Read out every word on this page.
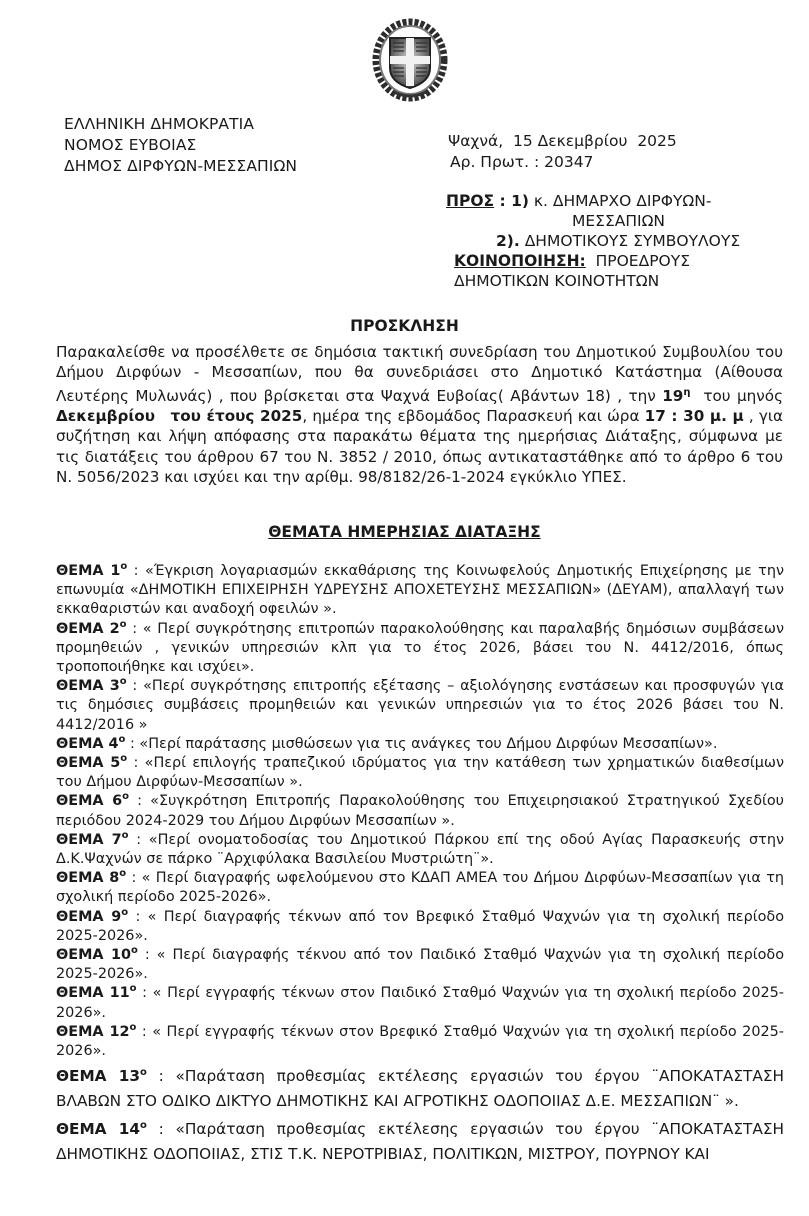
ΕΛΛΗΝΙΚΗ ΔΗΜΟΚΡΑΤΙΑ
ΝΟΜΟΣ ΕΥΒΟΙΑΣ
ΔΗΜΟΣ ΔΙΡΦΥΩΝ-ΜΕΣΣΑΠΙΩΝ
Ψαχνά,  15 Δεκεμβρίου  2025
Αρ. Πρωτ. : 20347
ΠΡΟΣ : 1) κ. ΔΗΜΑΡΧΟ ΔΙΡΦΥΩΝ-
ΜΕΣΣΑΠΙΩΝ
2). ΔΗΜΟΤΙΚΟΥΣ ΣΥΜΒΟΥΛΟΥΣ
ΚΟΙΝΟΠΟΙΗΣΗ:  ΠΡΟΕΔΡΟΥΣ
ΔΗΜΟΤΙΚΩΝ ΚΟΙΝΟΤΗΤΩΝ
ΠΡΟΣΚΛΗΣΗ
Παρακαλείσθε να προσέλθετε σε δημόσια τακτική συνεδρίαση του Δημοτικού Συμβουλίου του Δήμου Διρφύων - Μεσσαπίων, που θα συνεδριάσει στο Δημοτικό Κατάστημα (Αίθουσα Λευτέρης Μυλωνάς) , που βρίσκεται στα Ψαχνά Ευβοίας( Αβάντων 18) , την $19^\eta$  του μηνός Δεκεμβρίου του έτους 2025, ημέρα της εβδομάδος Παρασκευή και ώρα 17 : 30 μ. μ , για συζήτηση και λήψη απόφασης στα παρακάτω θέματα της ημερήσιας Διάταξης, σύμφωνα με τις διατάξεις του άρθρου 67 του Ν. 3852 / 2010, όπως αντικαταστάθηκε από το άρθρο 6 του Ν. 5056/2023 και ισχύει και την αρίθμ. 98/8182/26-1-2024 εγκύκλιο ΥΠΕΣ.
ΘΕΜΑΤΑ ΗΜΕΡΗΣΙΑΣ ΔΙΑΤΑΞΗΣ

ΘΕΜΑ $1^o$ : «Έγκριση λογαριασμών εκκαθάρισης της Κοινωφελούς Δημοτικής Επιχείρησης με την επωνυμία «ΔΗΜΟΤΙΚΗ ΕΠΙΧΕΙΡΗΣΗ ΥΔΡΕΥΣΗΣ ΑΠΟΧΕΤΕΥΣΗΣ ΜΕΣΣΑΠΙΩΝ» (ΔΕΥΑΜ), απαλλαγή των εκκαθαριστών και αναδοχή οφειλών ».

ΘΕΜΑ $2^o$ : « Περί συγκρότησης επιτροπών παρακολούθησης και παραλαβής δημόσιων συμβάσεων προμηθειών , γενικών υπηρεσιών κλπ για το έτος 2026, βάσει του Ν. 4412/2016, όπως τροποποιήθηκε και ισχύει».

ΘΕΜΑ $3^o$ : «Περί συγκρότησης επιτροπής εξέτασης – αξιολόγησης ενστάσεων και προσφυγών για τις δημόσιες συμβάσεις προμηθειών και γενικών υπηρεσιών για το έτος 2026 βάσει του Ν. 4412/2016 »

ΘΕΜΑ $4^o$ : «Περί παράτασης μισθώσεων για τις ανάγκες του Δήμου Διρφύων Μεσσαπίων».

ΘΕΜΑ $5^o$ : «Περί επιλογής τραπεζικού ιδρύματος για την κατάθεση των χρηματικών διαθεσίμων του Δήμου Διρφύων-Μεσσαπίων ».

ΘΕΜΑ $6^o$ : «Συγκρότηση Επιτροπής Παρακολούθησης του Επιχειρησιακού Στρατηγικού Σχεδίου περιόδου 2024-2029 του Δήμου Διρφύων Μεσσαπίων ».

ΘΕΜΑ $7^o$ : «Περί ονοματοδοσίας του Δημοτικού Πάρκου επί της οδού Αγίας Παρασκευής στην Δ.Κ.Ψαχνών σε πάρκο ¨Αρχιφύλακα Βασιλείου Μυστριώτη¨».

ΘΕΜΑ $8^o$ : « Περί διαγραφής ωφελούμενου στο ΚΔΑΠ ΑΜΕΑ του Δήμου Διρφύων-Μεσσαπίων για τη σχολική περίοδο 2025-2026».

ΘΕΜΑ $9^o$ : « Περί διαγραφής τέκνων από τον Βρεφικό Σταθμό Ψαχνών για τη σχολική περίοδο 2025-2026».

ΘΕΜΑ $10^o$ : « Περί διαγραφής τέκνου από τον Παιδικό Σταθμό Ψαχνών για τη σχολική περίοδο 2025-2026».

ΘΕΜΑ $11^o$ : « Περί εγγραφής τέκνων στον Παιδικό Σταθμό Ψαχνών για τη σχολική περίοδο 2025-2026».

ΘΕΜΑ $12^o$ : « Περί εγγραφής τέκνων στον Βρεφικό Σταθμό Ψαχνών για τη σχολική περίοδο 2025-2026».

ΘΕΜΑ $13^o$ : «Παράταση προθεσμίας εκτέλεσης εργασιών του έργου ¨ΑΠΟΚΑΤΑΣΤΑΣΗ ΒΛΑΒΩΝ ΣΤΟ ΟΔΙΚΟ ΔΙΚΤΥΟ ΔΗΜΟΤΙΚΗΣ ΚΑΙ ΑΓΡΟΤΙΚΗΣ ΟΔΟΠΟΙΙΑΣ Δ.Ε. ΜΕΣΣΑΠΙΩΝ¨ ».

ΘΕΜΑ $14^o$ : «Παράταση προθεσμίας εκτέλεσης εργασιών του έργου ¨ΑΠΟΚΑΤΑΣΤΑΣΗ ΔΗΜΟΤΙΚΗΣ ΟΔΟΠΟΙΙΑΣ, ΣΤΙΣ Τ.Κ. ΝΕΡΟΤΡΙΒΙΑΣ, ΠΟΛΙΤΙΚΩΝ, ΜΙΣΤΡΟΥ, ΠΟΥΡΝΟΥ ΚΑΙ
